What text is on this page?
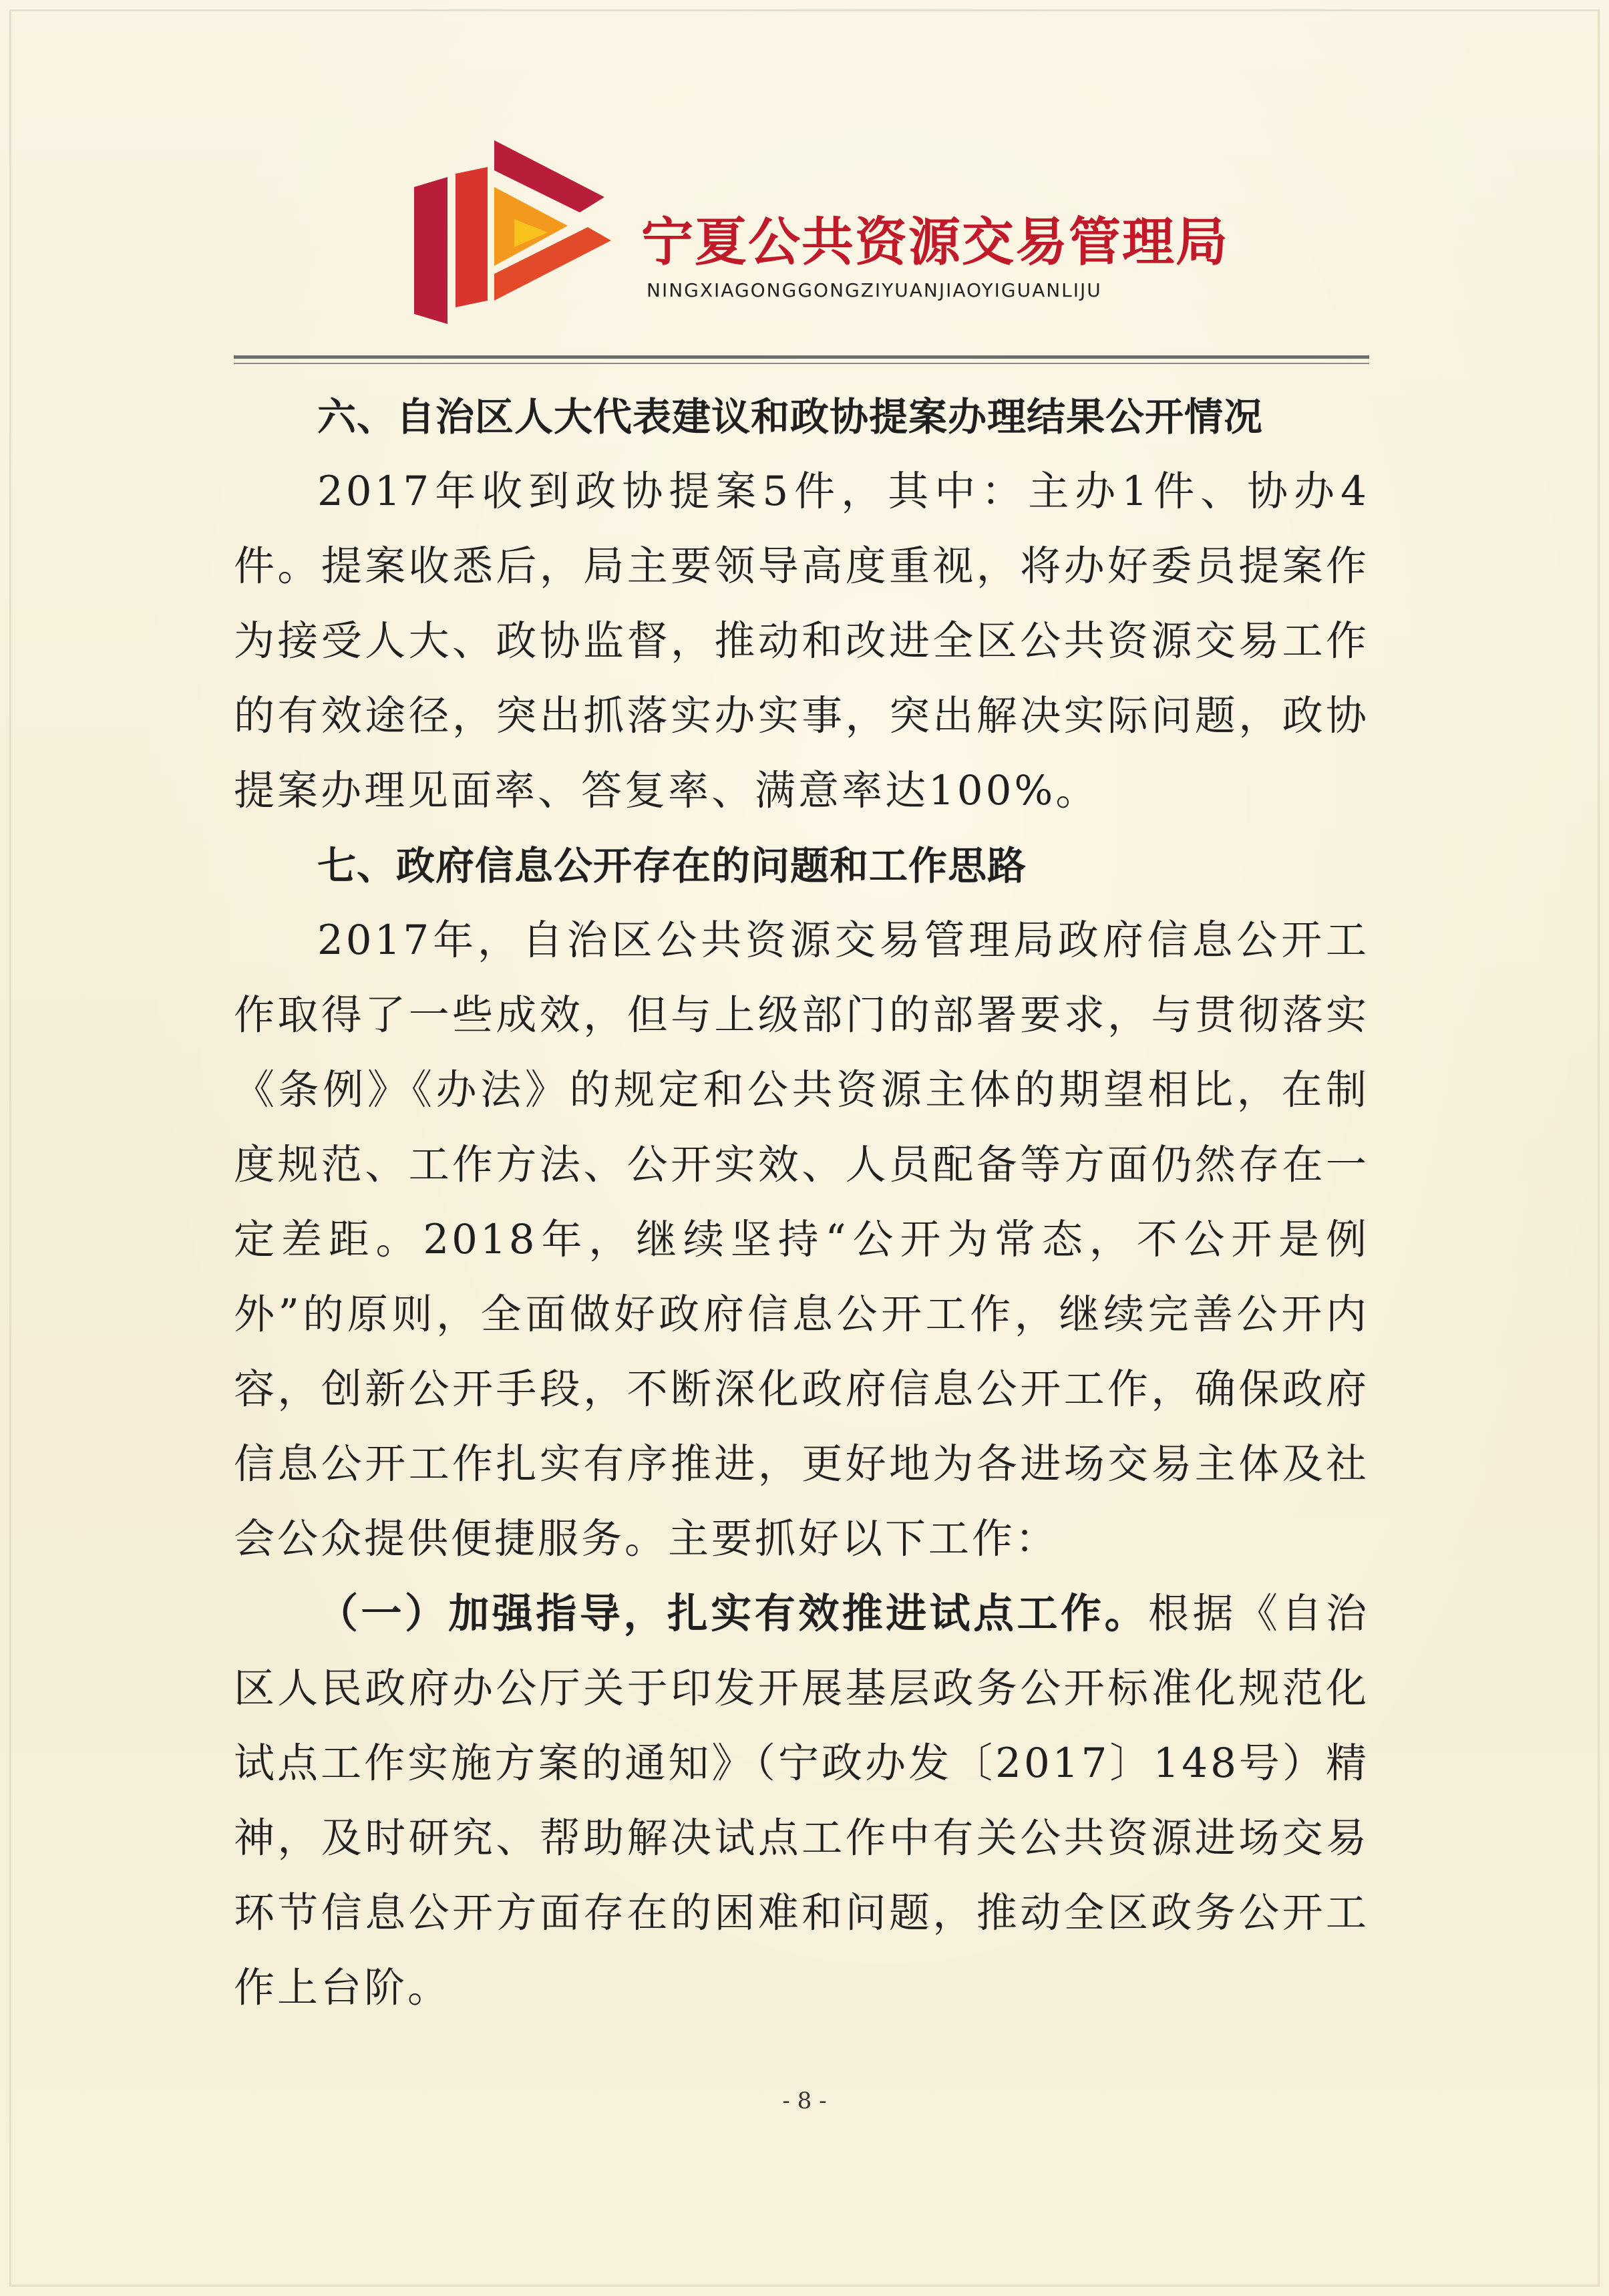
宁夏公共资源交易管理局
NINGXIAGONGGONGZIYUANJIAOYIGUANLIJU

六、自治区人大代表建议和政协提案办理结果公开情况

2017年收到政协提案5件，其中：主办1件、协办4件。提案收悉后，局主要领导高度重视，将办好委员提案作为接受人大、政协监督，推动和改进全区公共资源交易工作的有效途径，突出抓落实办实事，突出解决实际问题，政协提案办理见面率、答复率、满意率达100%。

七、政府信息公开存在的问题和工作思路

2017年，自治区公共资源交易管理局政府信息公开工作取得了一些成效，但与上级部门的部署要求，与贯彻落实《条例》《办法》的规定和公共资源主体的期望相比，在制度规范、工作方法、公开实效、人员配备等方面仍然存在一定差距。2018年，继续坚持“公开为常态，不公开是例外”的原则，全面做好政府信息公开工作，继续完善公开内容，创新公开手段，不断深化政府信息公开工作，确保政府信息公开工作扎实有序推进，更好地为各进场交易主体及社会公众提供便捷服务。主要抓好以下工作：

（一）加强指导，扎实有效推进试点工作。根据《自治区人民政府办公厅关于印发开展基层政务公开标准化规范化试点工作实施方案的通知》（宁政办发〔2017〕148号）精神，及时研究、帮助解决试点工作中有关公共资源进场交易环节信息公开方面存在的困难和问题，推动全区政务公开工作上台阶。

- 8 -
